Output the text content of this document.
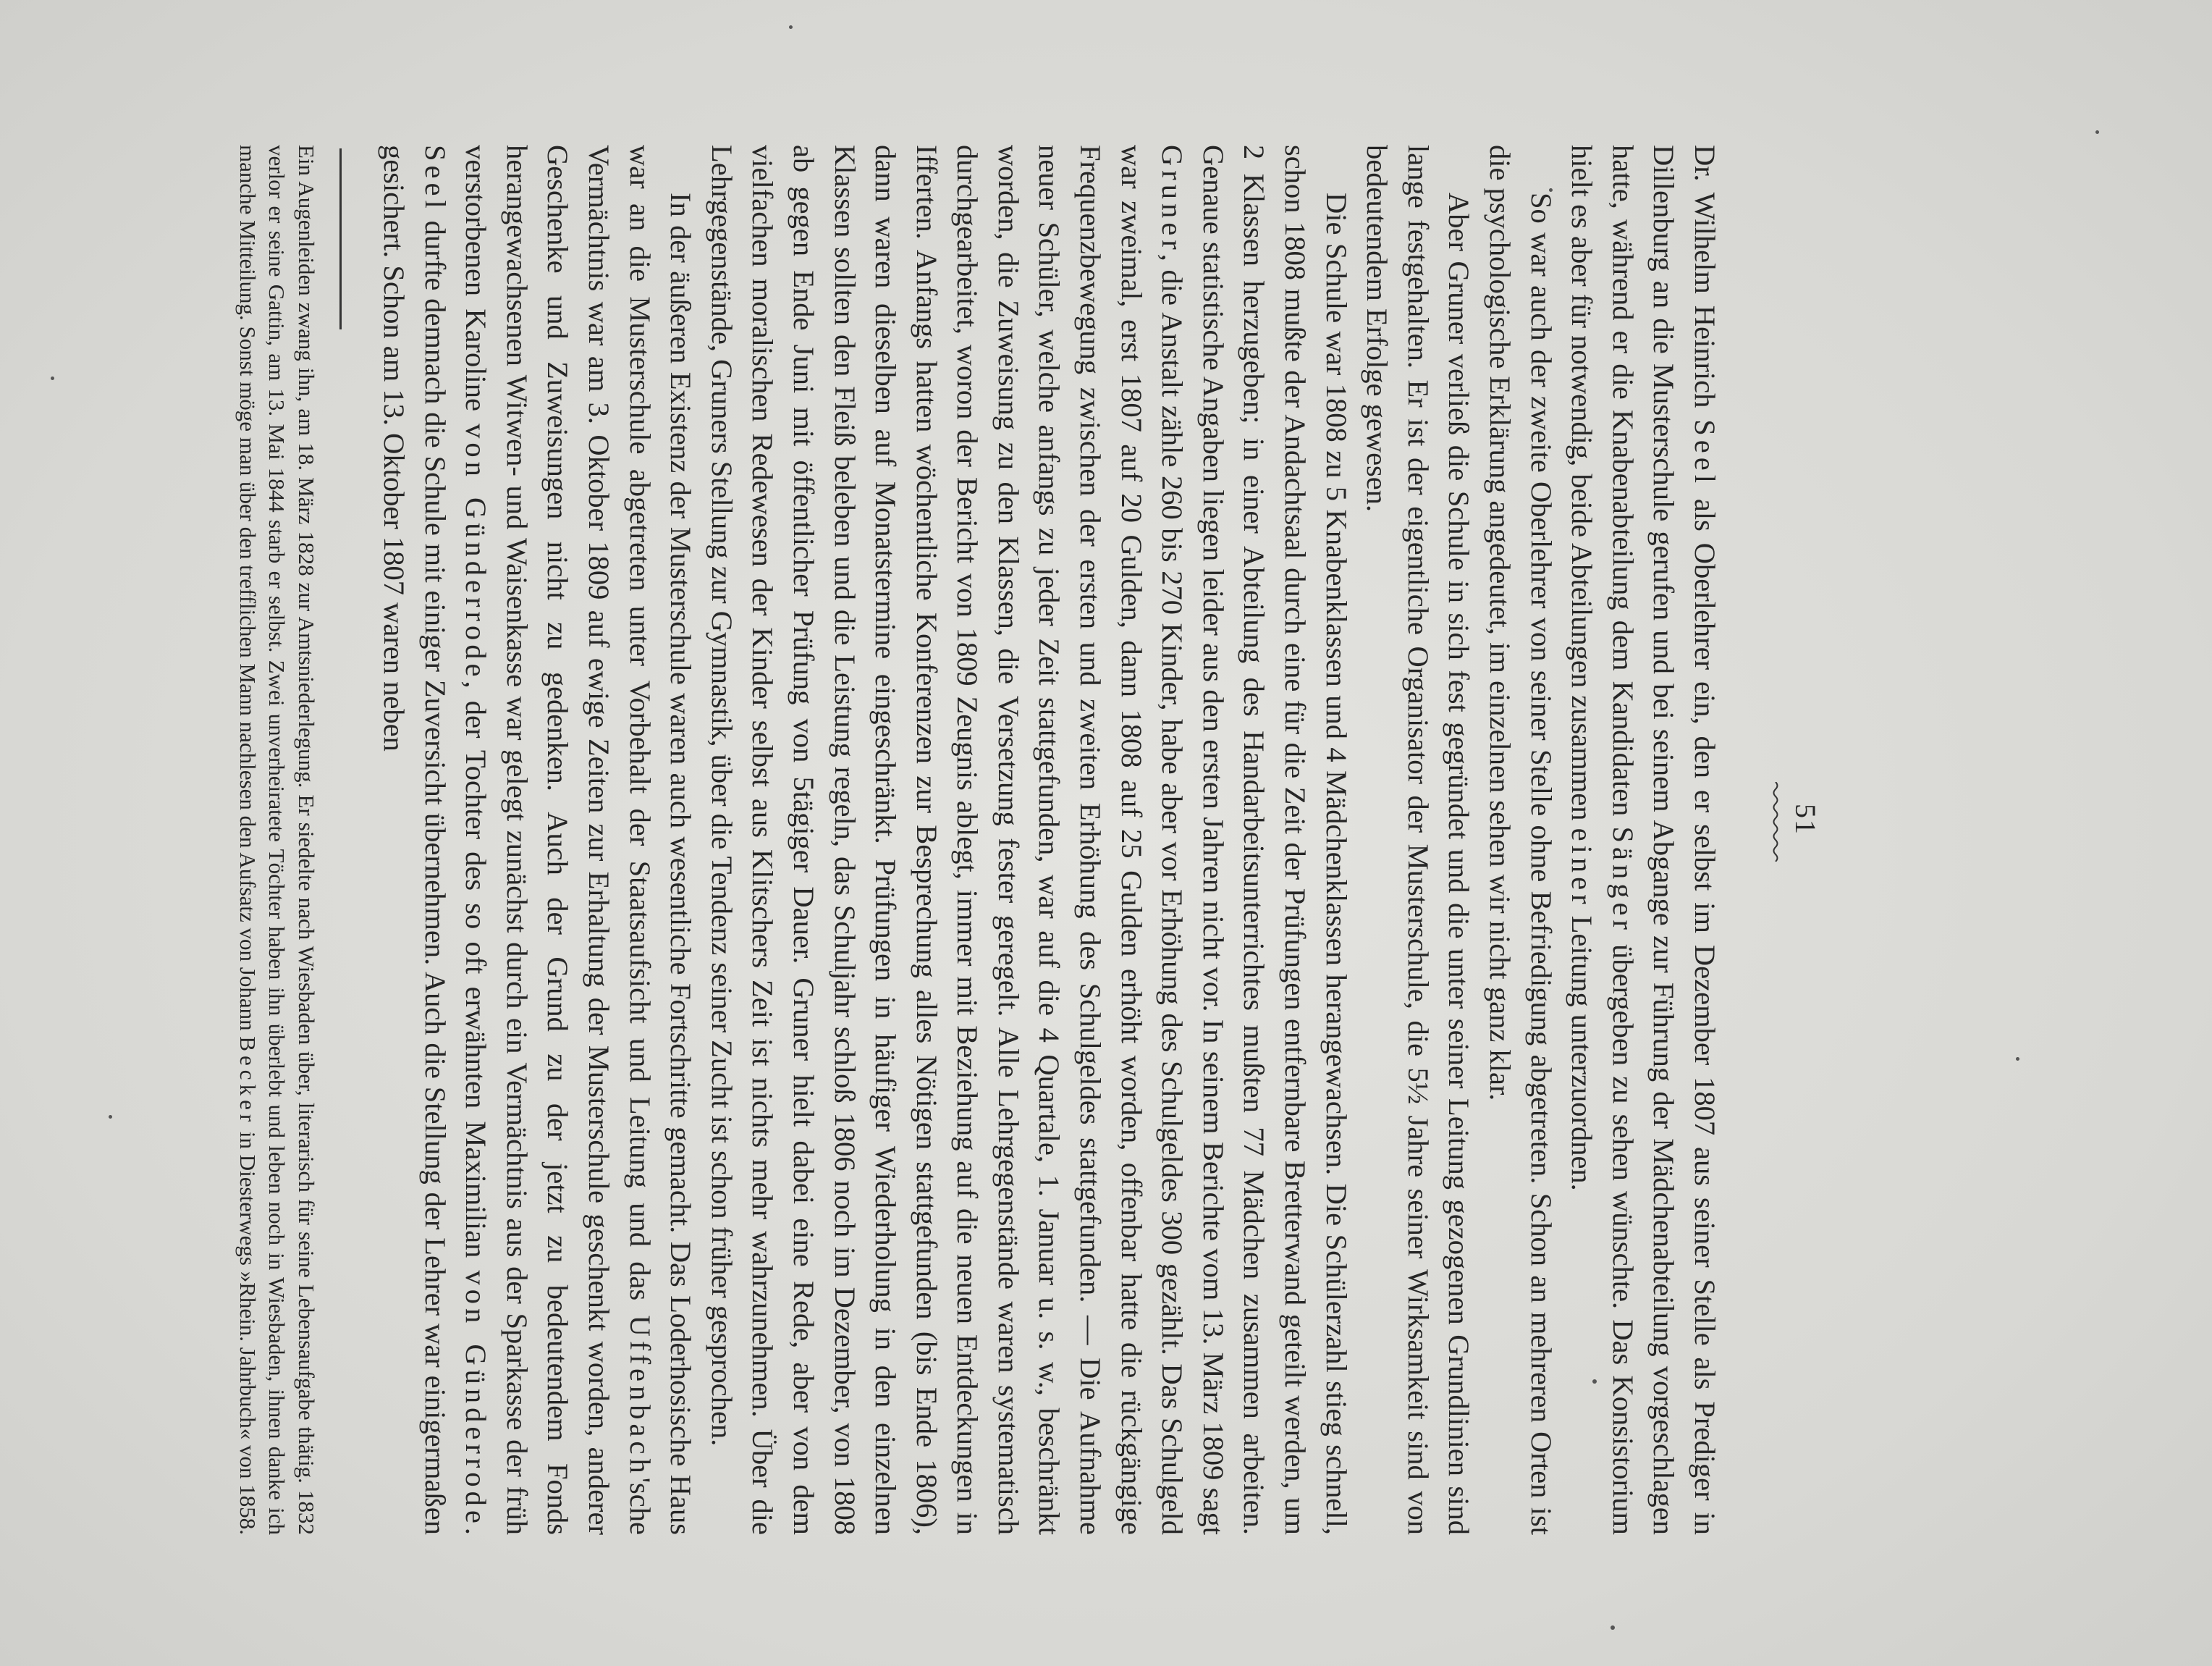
51

Dr. Wilhelm Heinrich Seel als Oberlehrer ein, den er selbst im Dezember 1807 aus seiner Stelle als Prediger in Dillenburg an die Musterschule gerufen und bei seinem Abgange zur Führung der Mädchenabteilung vorgeschlagen hatte, während er die Knabenabteilung dem Kandidaten Sänger übergeben zu sehen wünschte. Das Konsistorium hielt es aber für notwendig, beide Abteilungen zusammen einer Leitung unterzuordnen.

So war auch der zweite Oberlehrer von seiner Stelle ohne Befriedigung abgetreten. Schon an mehreren Orten ist die psychologische Erklärung angedeutet, im einzelnen sehen wir nicht ganz klar.

Aber Gruner verließ die Schule in sich fest gegründet und die unter seiner Leitung gezogenen Grundlinien sind lange festgehalten. Er ist der eigentliche Organisator der Musterschule, die 5½ Jahre seiner Wirksamkeit sind von bedeutendem Erfolge gewesen.

Die Schule war 1808 zu 5 Knabenklassen und 4 Mädchenklassen herangewachsen. Die Schülerzahl stieg schnell, schon 1808 mußte der Andachtsaal durch eine für die Zeit der Prüfungen entfernbare Bretterwand geteilt werden, um 2 Klassen herzugeben; in einer Abteilung des Handarbeitsunterrichtes mußten 77 Mädchen zusammen arbeiten. Genaue statistische Angaben liegen leider aus den ersten Jahren nicht vor. In seinem Berichte vom 13. März 1809 sagt Gruner, die Anstalt zähle 260 bis 270 Kinder, habe aber vor Erhöhung des Schulgeldes 300 gezählt. Das Schulgeld war zweimal, erst 1807 auf 20 Gulden, dann 1808 auf 25 Gulden erhöht worden, offenbar hatte die rückgängige Frequenzbewegung zwischen der ersten und zweiten Erhöhung des Schulgeldes stattgefunden. — Die Aufnahme neuer Schüler, welche anfangs zu jeder Zeit stattgefunden, war auf die 4 Quartale, 1. Januar u. s. w., beschränkt worden, die Zuweisung zu den Klassen, die Versetzung fester geregelt. Alle Lehrgegenstände waren systematisch durchgearbeitet, woron der Bericht von 1809 Zeugnis ablegt, immer mit Beziehung auf die neuen Entdeckungen in Ifferten. Anfangs hatten wöchentliche Konferenzen zur Besprechung alles Nötigen stattgefunden (bis Ende 1806), dann waren dieselben auf Monatstermine eingeschränkt. Prüfungen in häufiger Wiederholung in den einzelnen Klassen sollten den Fleiß beleben und die Leistung regeln, das Schuljahr schloß 1806 noch im Dezember, von 1808 ab gegen Ende Juni mit öffentlicher Prüfung von 5tägiger Dauer. Gruner hielt dabei eine Rede, aber von dem vielfachen moralischen Redewesen der Kinder selbst aus Klitschers Zeit ist nichts mehr wahrzunehmen. Über die Lehrgegenstände, Gruners Stellung zur Gymnastik, über die Tendenz seiner Zucht ist schon früher gesprochen.

In der äußeren Existenz der Musterschule waren auch wesentliche Fortschritte gemacht. Das Loderhosische Haus war an die Musterschule abgetreten unter Vorbehalt der Staatsaufsicht und Leitung und das Uffenbach'sche Vermächtnis war am 3. Oktober 1809 auf ewige Zeiten zur Erhaltung der Musterschule geschenkt worden, anderer Geschenke und Zuweisungen nicht zu gedenken. Auch der Grund zu der jetzt zu bedeutendem Fonds herangewachsenen Witwen- und Waisenkasse war gelegt zunächst durch ein Vermächtnis aus der Sparkasse der früh verstorbenen Karoline von Günderrode, der Tochter des so oft erwähnten Maximilian von Günderrode. Seel durfte demnach die Schule mit einiger Zuversicht übernehmen. Auch die Stellung der Lehrer war einigermaßen gesichert. Schon am 13. Oktober 1807 waren neben

Ein Augenleiden zwang ihn, am 18. März 1828 zur Amtsniederlegung. Er siedelte nach Wiesbaden über, literarisch für seine Lebensaufgabe thätig. 1832 verlor er seine Gattin, am 13. Mai 1844 starb er selbst. Zwei unverheiratete Töchter haben ihn überlebt und leben noch in Wiesbaden, ihnen danke ich manche Mitteilung. Sonst möge man über den trefflichen Mann nachlesen den Aufsatz von Johann Becker in Diesterwegs »Rhein. Jahrbuch« von 1858.
